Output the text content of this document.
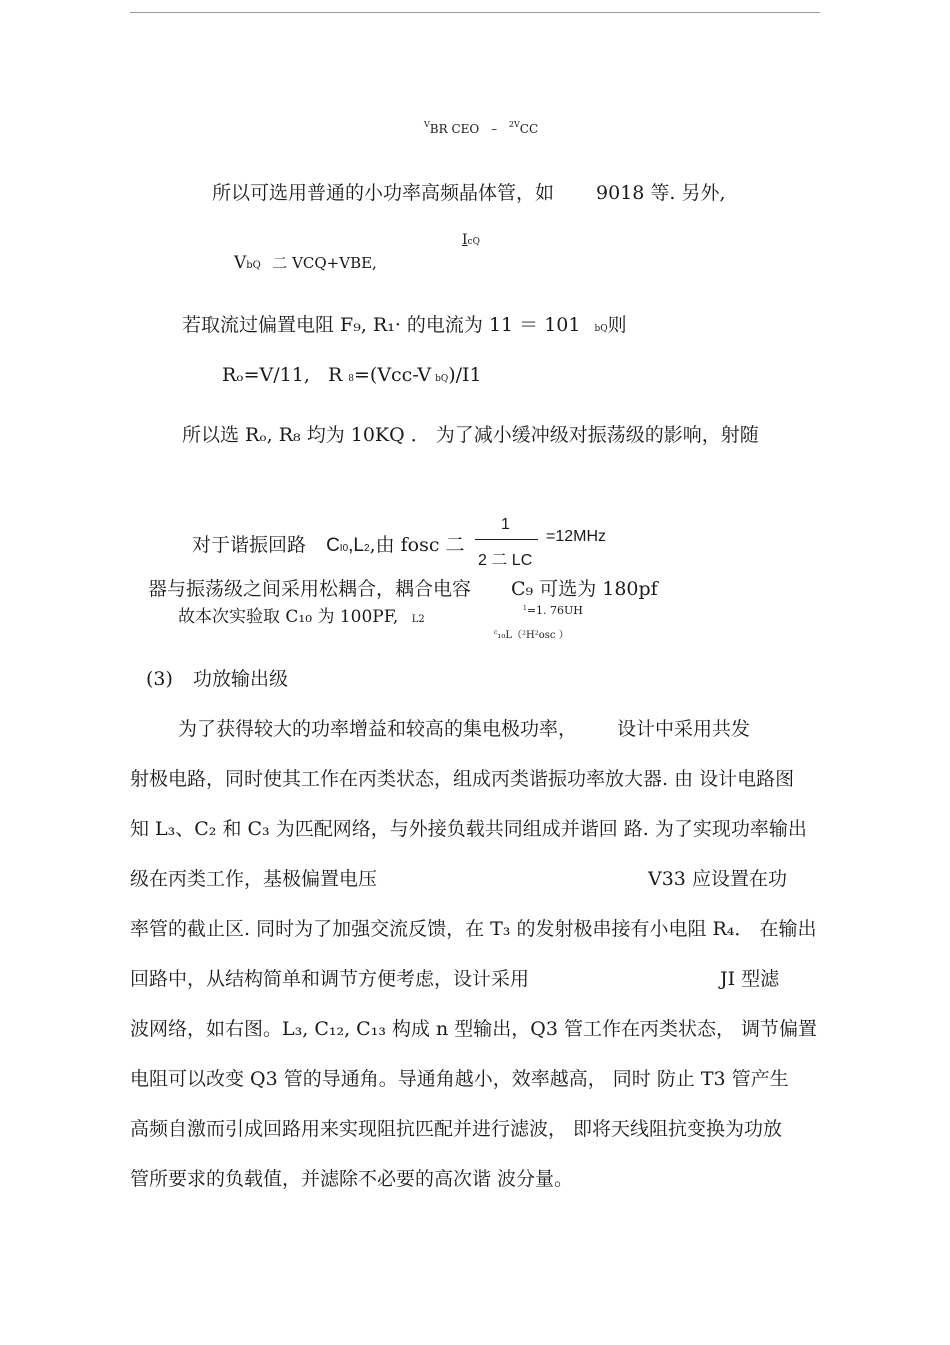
$^V$BR CEO – $^{2V}$CC
所以可选用普通的小功率高频晶体管，如 9018 等. 另外,
IcQ
VbQ 二 VCQ+VBE,
若取流过偏置电阻 F₉, R₁· 的电流为 11 ＝ 101 bQ则
Rₒ=V/11, R 8=(Vcc-V bQ)/I1
所以选 Rₒ, R₈ 均为 10KQ ． 为了减小缓冲级对振荡级的影响，射随
对于谐振回路 CI0,L2,由 fosc 二
1
2 二 LC
=12MHz
器与振荡级之间采用松耦合，耦合电容 C₉ 可选为 180pf
故本次实验取 C₁₀ 为 100PF, L2
$^1$=1. 76UH
$^c$₁₀L（²H²osc ）
(3) 功放输出级
为了获得较大的功率增益和较高的集电极功率， 设计中采用共发
射极电路，同时使其工作在丙类状态，组成丙类谐振功率放大器. 由 设计电路图
知 L₃、C₂ 和 C₃ 为匹配网络，与外接负载共同组成并谐回 路. 为了实现功率输出
级在丙类工作，基极偏置电压	V33 应设置在功
率管的截止区. 同时为了加强交流反馈，在 T₃ 的发射极串接有小电阻 R₄． 在输出
回路中，从结构简单和调节方便考虑，设计采用	JI 型滤
波网络，如右图。L₃, C₁₂, C₁₃ 构成 n 型输出，Q3 管工作在丙类状态， 调节偏置
电阻可以改变 Q3 管的导通角。导通角越小，效率越高， 同时 防止 T3 管产生
高频自激而引成回路用来实现阻抗匹配并进行滤波， 即将天线阻抗变换为功放
管所要求的负载值，并滤除不必要的高次谐 波分量。
